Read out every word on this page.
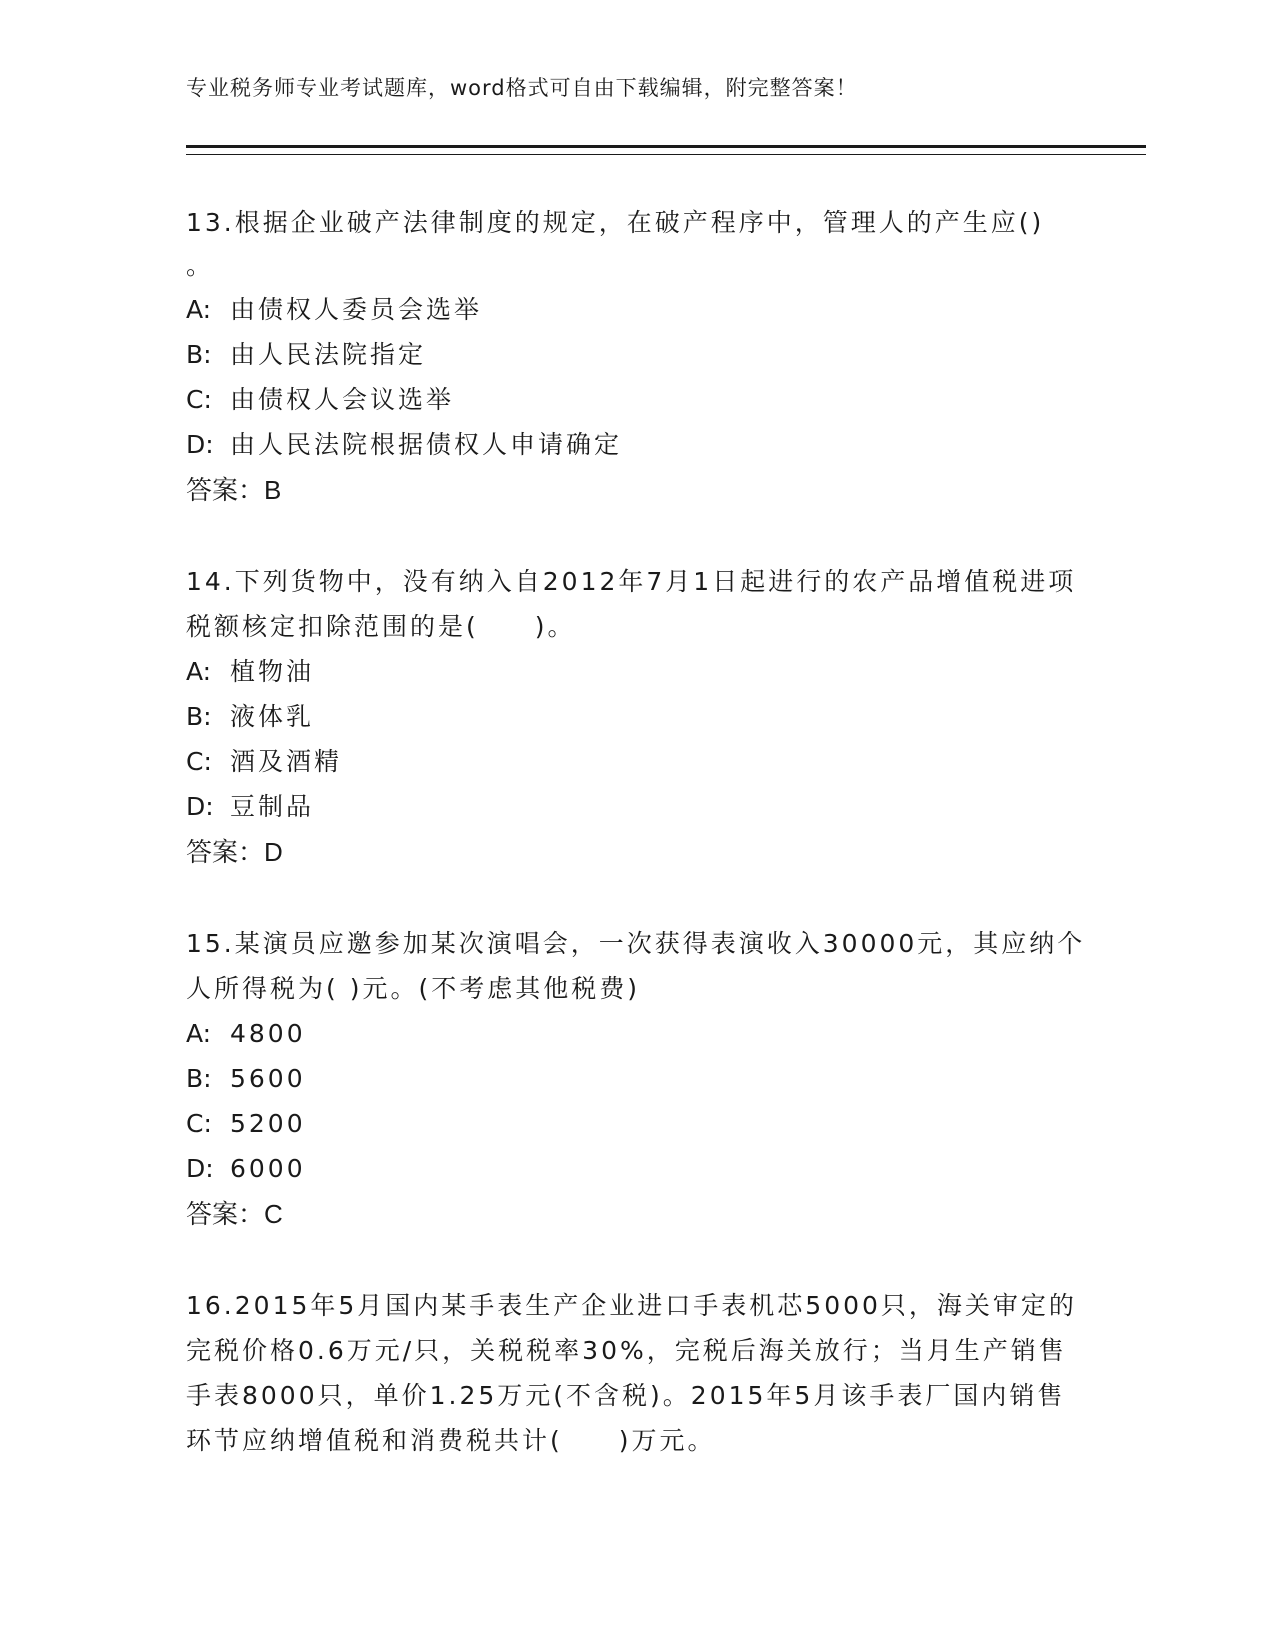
专业税务师专业考试题库，word格式可自由下载编辑，附完整答案！

13.根据企业破产法律制度的规定，在破产程序中，管理人的产生应()

。

A: 由债权人委员会选举

B: 由人民法院指定

C: 由债权人会议选举

D: 由人民法院根据债权人申请确定

答案：B

14.下列货物中，没有纳入自2012年7月1日起进行的农产品增值税进项税额核定扣除范围的是(　　)。

A: 植物油

B: 液体乳

C: 酒及酒精

D: 豆制品

答案：D

15.某演员应邀参加某次演唱会，一次获得表演收入30000元，其应纳个人所得税为( )元。(不考虑其他税费)

A: 4800

B: 5600

C: 5200

D: 6000

答案：C

16.2015年5月国内某手表生产企业进口手表机芯5000只，海关审定的完税价格0.6万元/只，关税税率30%，完税后海关放行；当月生产销售手表8000只，单价1.25万元(不含税)。2015年5月该手表厂国内销售环节应纳增值税和消费税共计(　　)万元。
